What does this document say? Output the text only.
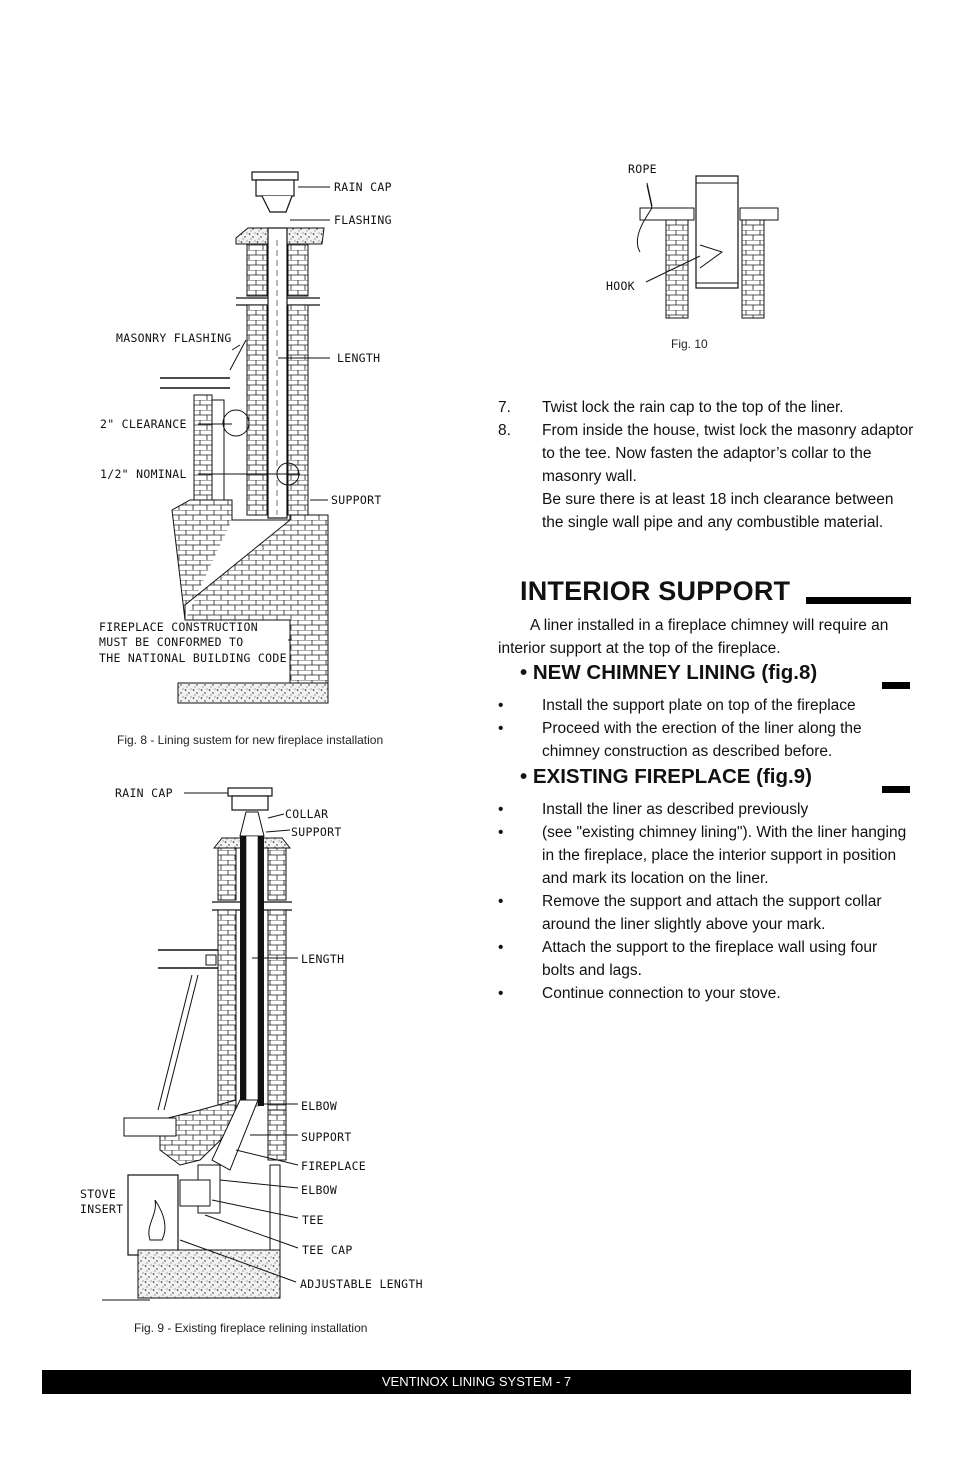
RAIN CAP
FLASHING
MASONRY FLASHING
LENGTH
2" CLEARANCE
1/2" NOMINAL
SUPPORT
FIREPLACE CONSTRUCTION
MUST BE CONFORMED TO
THE NATIONAL BUILDING CODE
Fig. 8 - Lining sustem for new fireplace installation
RAIN CAP
COLLAR
SUPPORT
LENGTH
ELBOW
SUPPORT
FIREPLACE
ELBOW
TEE
TEE CAP
ADJUSTABLE LENGTH
STOVE
INSERT
Fig. 9 - Existing fireplace relining installation
ROPE
HOOK
Fig. 10
7.	Twist lock the rain cap to the top of the liner.
8.	From inside the house, twist lock the masonry adaptor to the tee. Now fasten the adaptor’s collar to the masonry wall.
Be sure there is at least 18 inch clearance between the single wall pipe and any combustible material.
INTERIOR SUPPORT
A liner installed in a fireplace chimney will require an interior support at the top of the fireplace.
• NEW CHIMNEY LINING (fig.8)
•	Install the support plate on top of the fireplace
•	Proceed with the erection of the liner along the chimney construction as described before.
• EXISTING FIREPLACE (fig.9)
•	Install the liner as described previously
•	(see "existing chimney lining"). With the liner hanging in the fireplace, place the interior support in position and mark its location on the liner.
•	Remove the support and attach the support collar around the liner slightly above your mark.
•	Attach the support to the fireplace wall using four bolts and lags.
•	Continue connection to your stove.
VENTINOX LINING SYSTEM - 7
